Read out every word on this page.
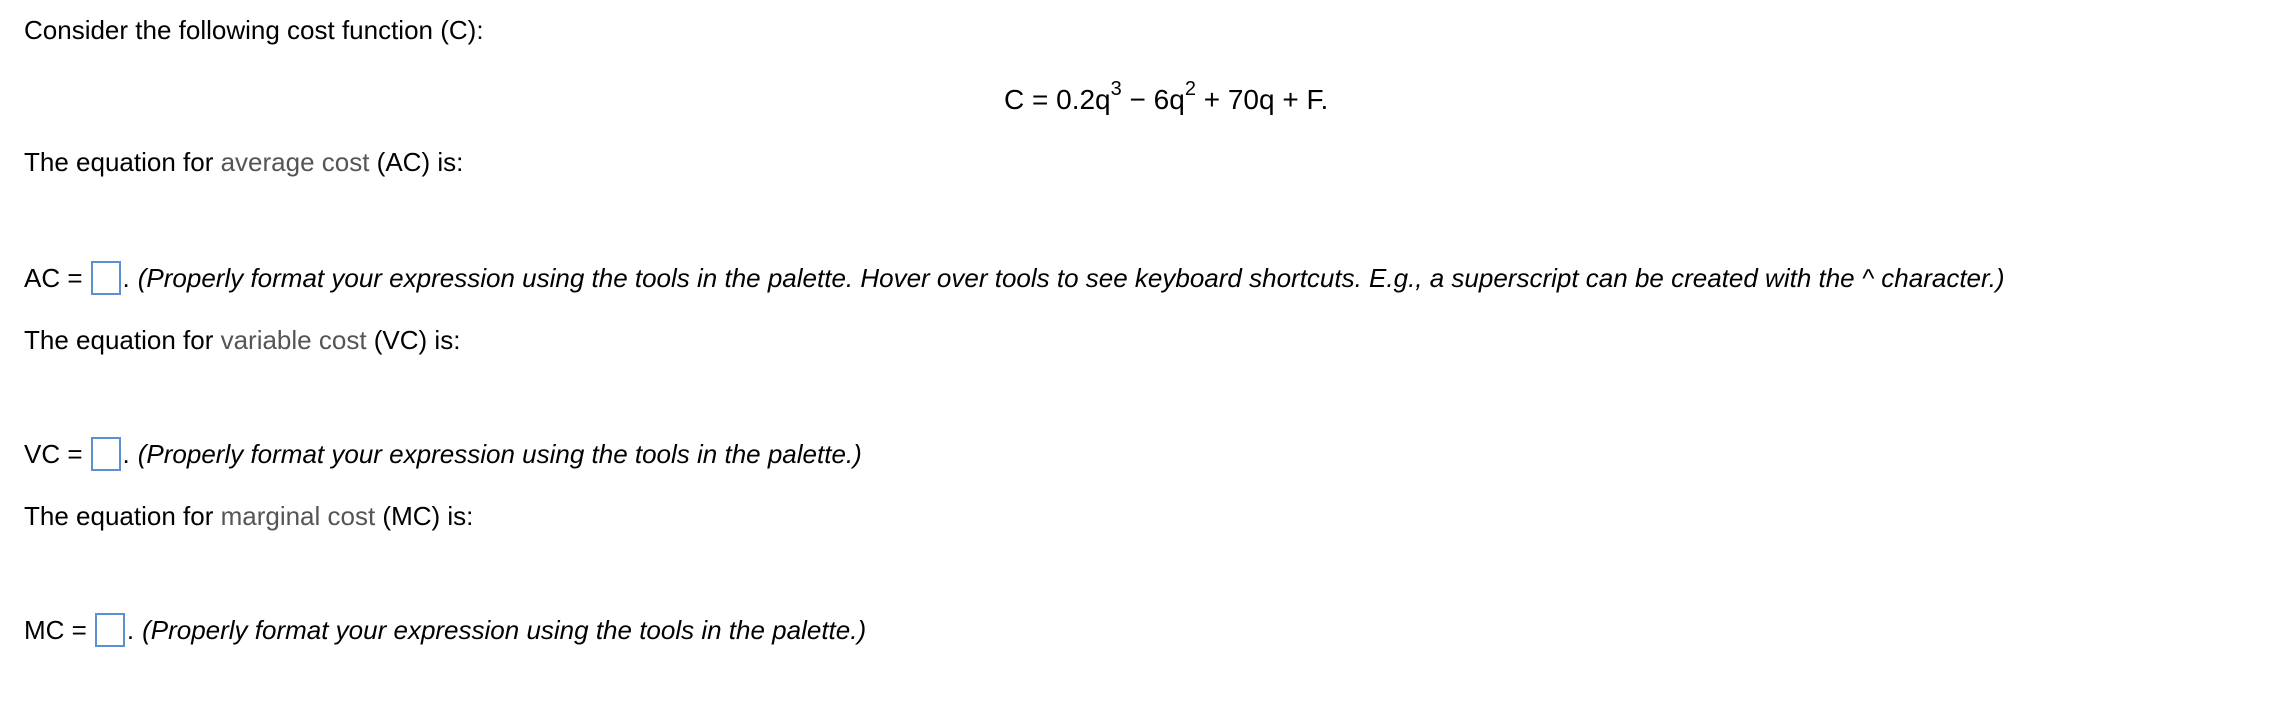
Consider the following cost function (C):
$C = 0.2q^3 - 6q^2 + 70q + F$.
The equation for average cost (AC) is:
AC = . (Properly format your expression using the tools in the palette. Hover over tools to see keyboard shortcuts. E.g., a superscript can be created with the ^ character.)
The equation for variable cost (VC) is:
VC = . (Properly format your expression using the tools in the palette.)
The equation for marginal cost (MC) is:
MC = . (Properly format your expression using the tools in the palette.)
